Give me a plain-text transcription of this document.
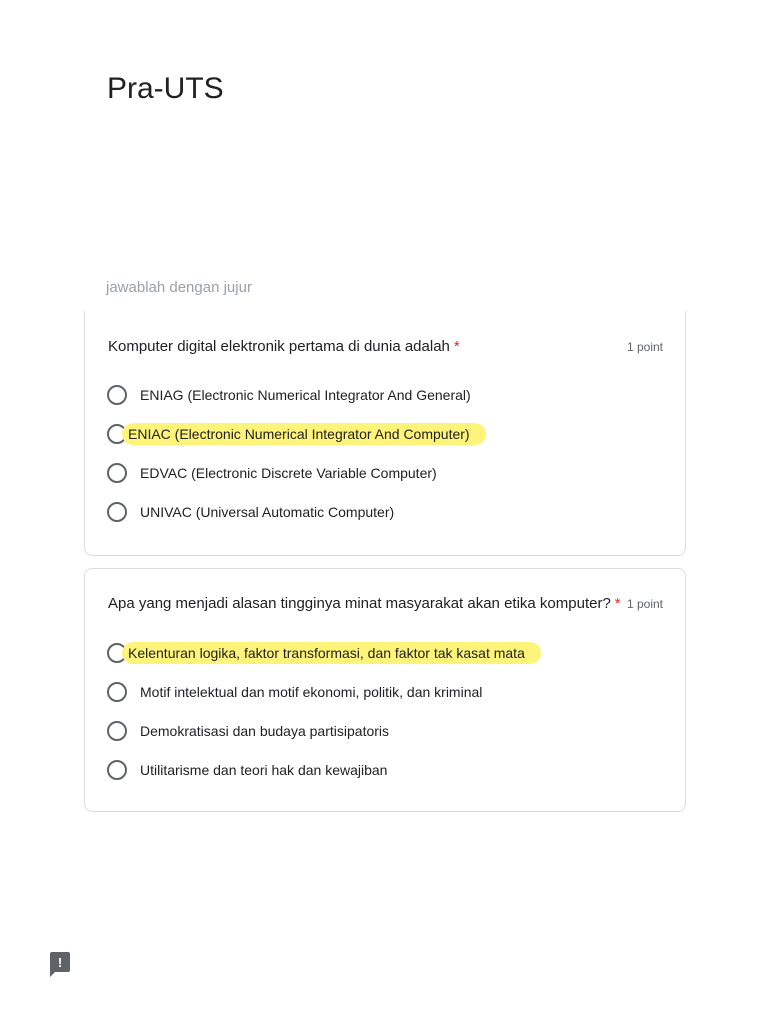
Pra-UTS
jawablah dengan jujur
Komputer digital elektronik pertama di dunia adalah *	1 point
ENIAG (Electronic Numerical Integrator And General)
ENIAC (Electronic Numerical Integrator And Computer)
EDVAC (Electronic Discrete Variable Computer)
UNIVAC (Universal Automatic Computer)
Apa yang menjadi alasan tingginya minat masyarakat akan etika komputer? * 1 point
Kelenturan logika, faktor transformasi, dan faktor tak kasat mata
Motif intelektual dan motif ekonomi, politik, dan kriminal
Demokratisasi dan budaya partisipatoris
Utilitarisme dan teori hak dan kewajiban
!
